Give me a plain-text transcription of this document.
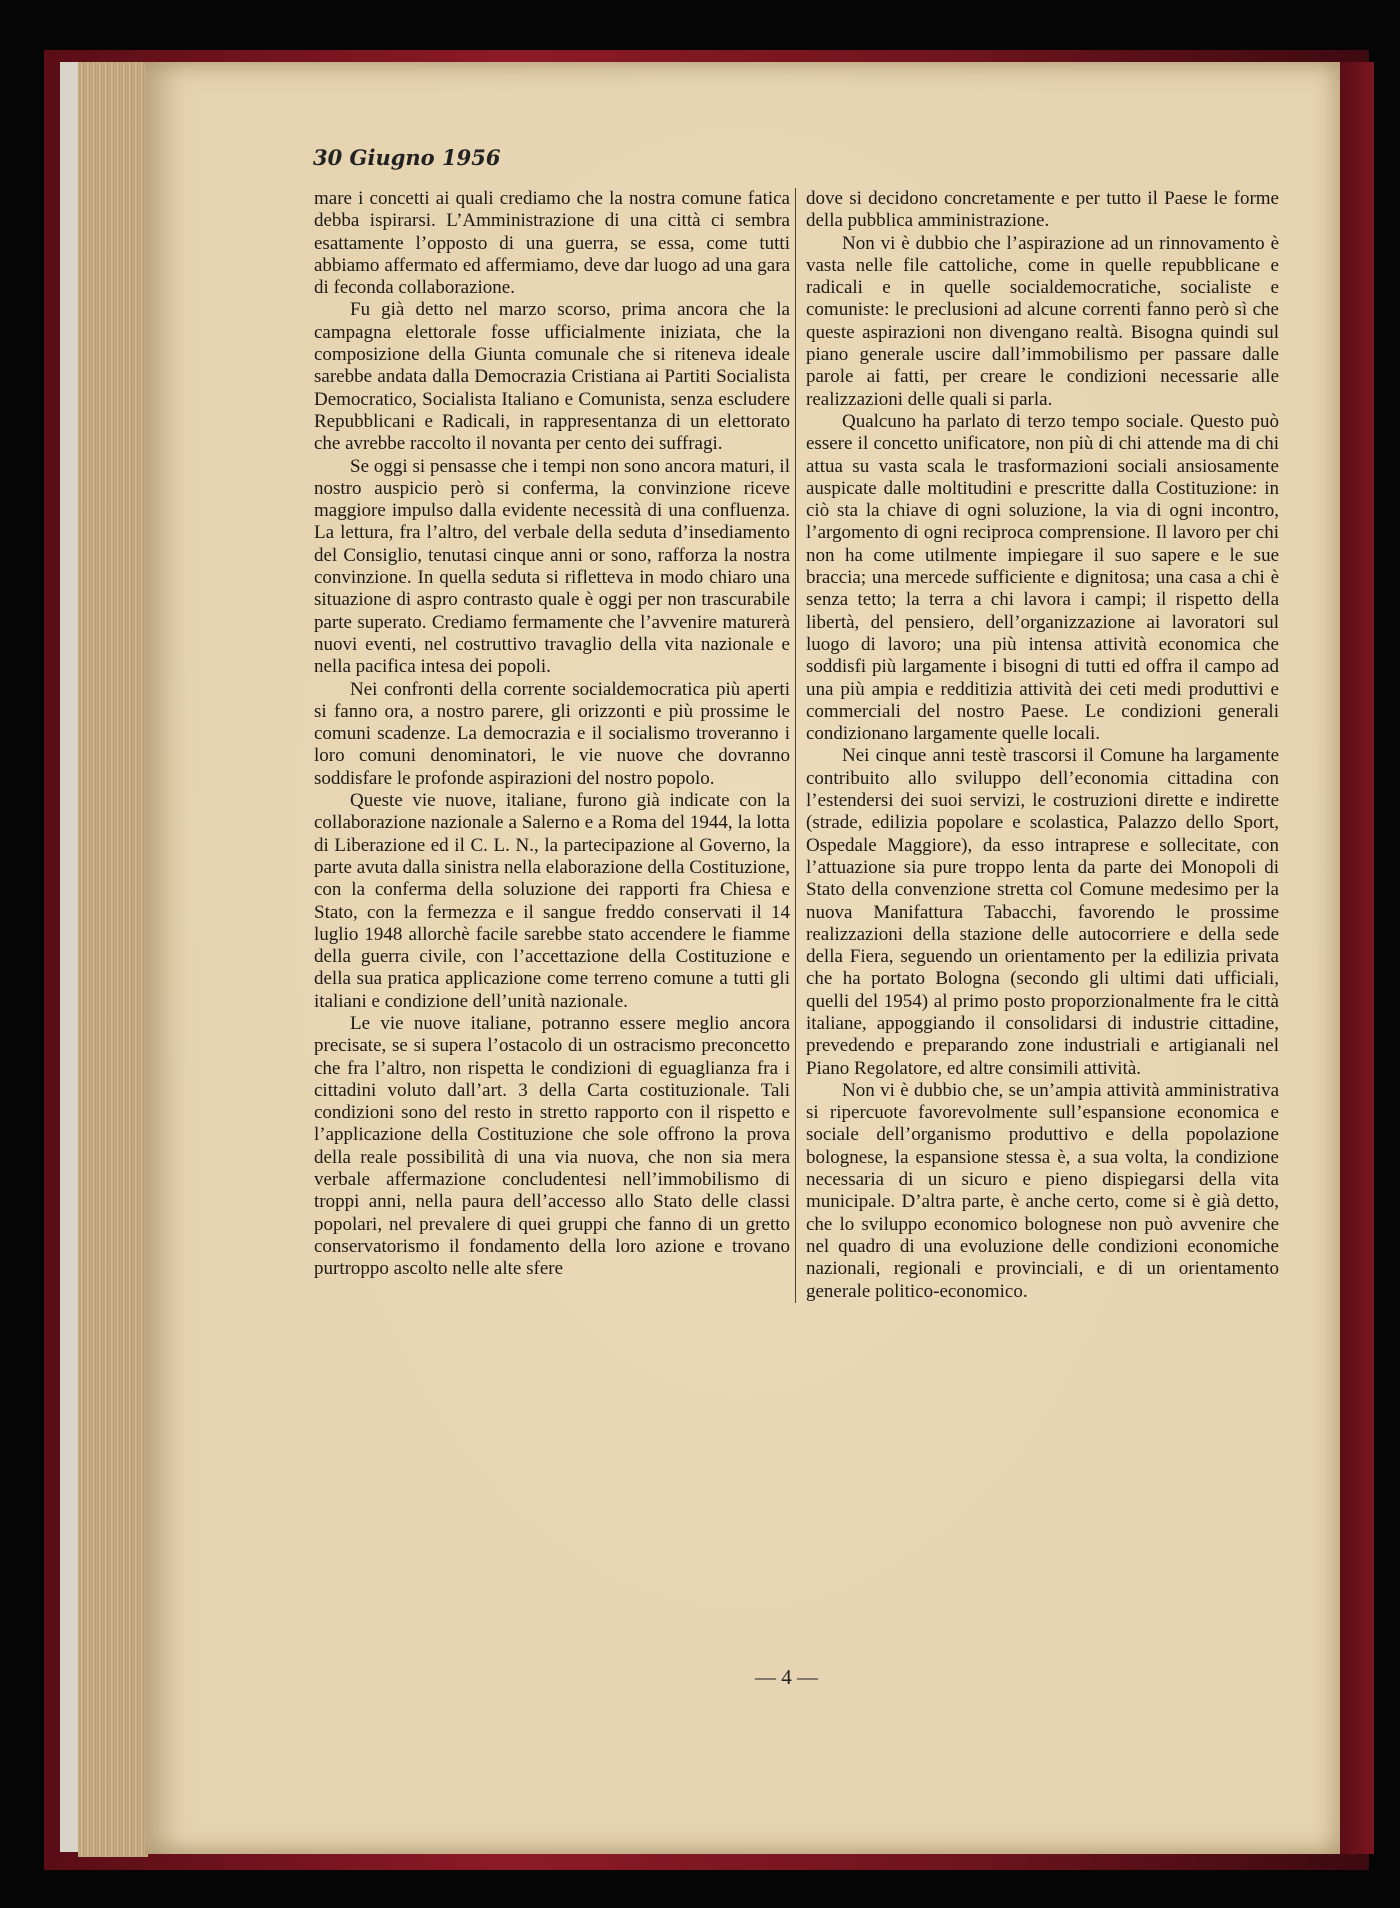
30 Giugno 1956

mare i concetti ai quali crediamo che la nostra comune fatica debba ispirarsi. L’Amministrazione di una città ci sembra esattamente l’opposto di una guerra, se essa, come tutti abbiamo affermato ed affermiamo, deve dar luogo ad una gara di feconda collaborazione.

Fu già detto nel marzo scorso, prima ancora che la campagna elettorale fosse ufficialmente iniziata, che la composizione della Giunta comunale che si riteneva ideale sarebbe andata dalla Democrazia Cristiana ai Partiti Socialista Democratico, Socialista Italiano e Comunista, senza escludere Repubblicani e Radicali, in rappresentanza di un elettorato che avrebbe raccolto il novanta per cento dei suffragi.

Se oggi si pensasse che i tempi non sono ancora maturi, il nostro auspicio però si conferma, la convinzione riceve maggiore impulso dalla evidente necessità di una confluenza. La lettura, fra l’altro, del verbale della seduta d’insediamento del Consiglio, tenutasi cinque anni or sono, rafforza la nostra convinzione. In quella seduta si rifletteva in modo chiaro una situazione di aspro contrasto quale è oggi per non trascurabile parte superato. Crediamo fermamente che l’avvenire maturerà nuovi eventi, nel costruttivo travaglio della vita nazionale e nella pacifica intesa dei popoli.

Nei confronti della corrente socialdemocratica più aperti si fanno ora, a nostro parere, gli orizzonti e più prossime le comuni scadenze. La democrazia e il socialismo troveranno i loro comuni denominatori, le vie nuove che dovranno soddisfare le profonde aspirazioni del nostro popolo.

Queste vie nuove, italiane, furono già indicate con la collaborazione nazionale a Salerno e a Roma del 1944, la lotta di Liberazione ed il C. L. N., la partecipazione al Governo, la parte avuta dalla sinistra nella elaborazione della Costituzione, con la conferma della soluzione dei rapporti fra Chiesa e Stato, con la fermezza e il sangue freddo conservati il 14 luglio 1948 allorchè facile sarebbe stato accendere le fiamme della guerra civile, con l’accettazione della Costituzione e della sua pratica applicazione come terreno comune a tutti gli italiani e condizione dell’unità nazionale.

Le vie nuove italiane, potranno essere meglio ancora precisate, se si supera l’ostacolo di un ostracismo preconcetto che fra l’altro, non rispetta le condizioni di eguaglianza fra i cittadini voluto dall’art. 3 della Carta costituzionale. Tali condizioni sono del resto in stretto rapporto con il rispetto e l’applicazione della Costituzione che sole offrono la prova della reale possibilità di una via nuova, che non sia mera verbale affermazione concludentesi nell’immobilismo di troppi anni, nella paura dell’accesso allo Stato delle classi popolari, nel prevalere di quei gruppi che fanno di un gretto conservatorismo il fondamento della loro azione e trovano purtroppo ascolto nelle alte sfere

dove si decidono concretamente e per tutto il Paese le forme della pubblica amministrazione.

Non vi è dubbio che l’aspirazione ad un rinnovamento è vasta nelle file cattoliche, come in quelle repubblicane e radicali e in quelle socialdemocratiche, socialiste e comuniste: le preclusioni ad alcune correnti fanno però sì che queste aspirazioni non divengano realtà. Bisogna quindi sul piano generale uscire dall’immobilismo per passare dalle parole ai fatti, per creare le condizioni necessarie alle realizzazioni delle quali si parla.

Qualcuno ha parlato di terzo tempo sociale. Questo può essere il concetto unificatore, non più di chi attende ma di chi attua su vasta scala le trasformazioni sociali ansiosamente auspicate dalle moltitudini e prescritte dalla Costituzione: in ciò sta la chiave di ogni soluzione, la via di ogni incontro, l’argomento di ogni reciproca comprensione. Il lavoro per chi non ha come utilmente impiegare il suo sapere e le sue braccia; una mercede sufficiente e dignitosa; una casa a chi è senza tetto; la terra a chi lavora i campi; il rispetto della libertà, del pensiero, dell’organizzazione ai lavoratori sul luogo di lavoro; una più intensa attività economica che soddisfi più largamente i bisogni di tutti ed offra il campo ad una più ampia e redditizia attività dei ceti medi produttivi e commerciali del nostro Paese. Le condizioni generali condizionano largamente quelle locali.

Nei cinque anni testè trascorsi il Comune ha largamente contribuito allo sviluppo dell’economia cittadina con l’estendersi dei suoi servizi, le costruzioni dirette e indirette (strade, edilizia popolare e scolastica, Palazzo dello Sport, Ospedale Maggiore), da esso intraprese e sollecitate, con l’attuazione sia pure troppo lenta da parte dei Monopoli di Stato della convenzione stretta col Comune medesimo per la nuova Manifattura Tabacchi, favorendo le prossime realizzazioni della stazione delle autocorriere e della sede della Fiera, seguendo un orientamento per la edilizia privata che ha portato Bologna (secondo gli ultimi dati ufficiali, quelli del 1954) al primo posto proporzionalmente fra le città italiane, appoggiando il consolidarsi di industrie cittadine, prevedendo e preparando zone industriali e artigianali nel Piano Regolatore, ed altre consimili attività.

Non vi è dubbio che, se un’ampia attività amministrativa si ripercuote favorevolmente sull’espansione economica e sociale dell’organismo produttivo e della popolazione bolognese, la espansione stessa è, a sua volta, la condizione necessaria di un sicuro e pieno dispiegarsi della vita municipale. D’altra parte, è anche certo, come si è già detto, che lo sviluppo economico bolognese non può avvenire che nel quadro di una evoluzione delle condizioni economiche nazionali, regionali e provinciali, e di un orientamento generale politico-economico.

— 4 —
